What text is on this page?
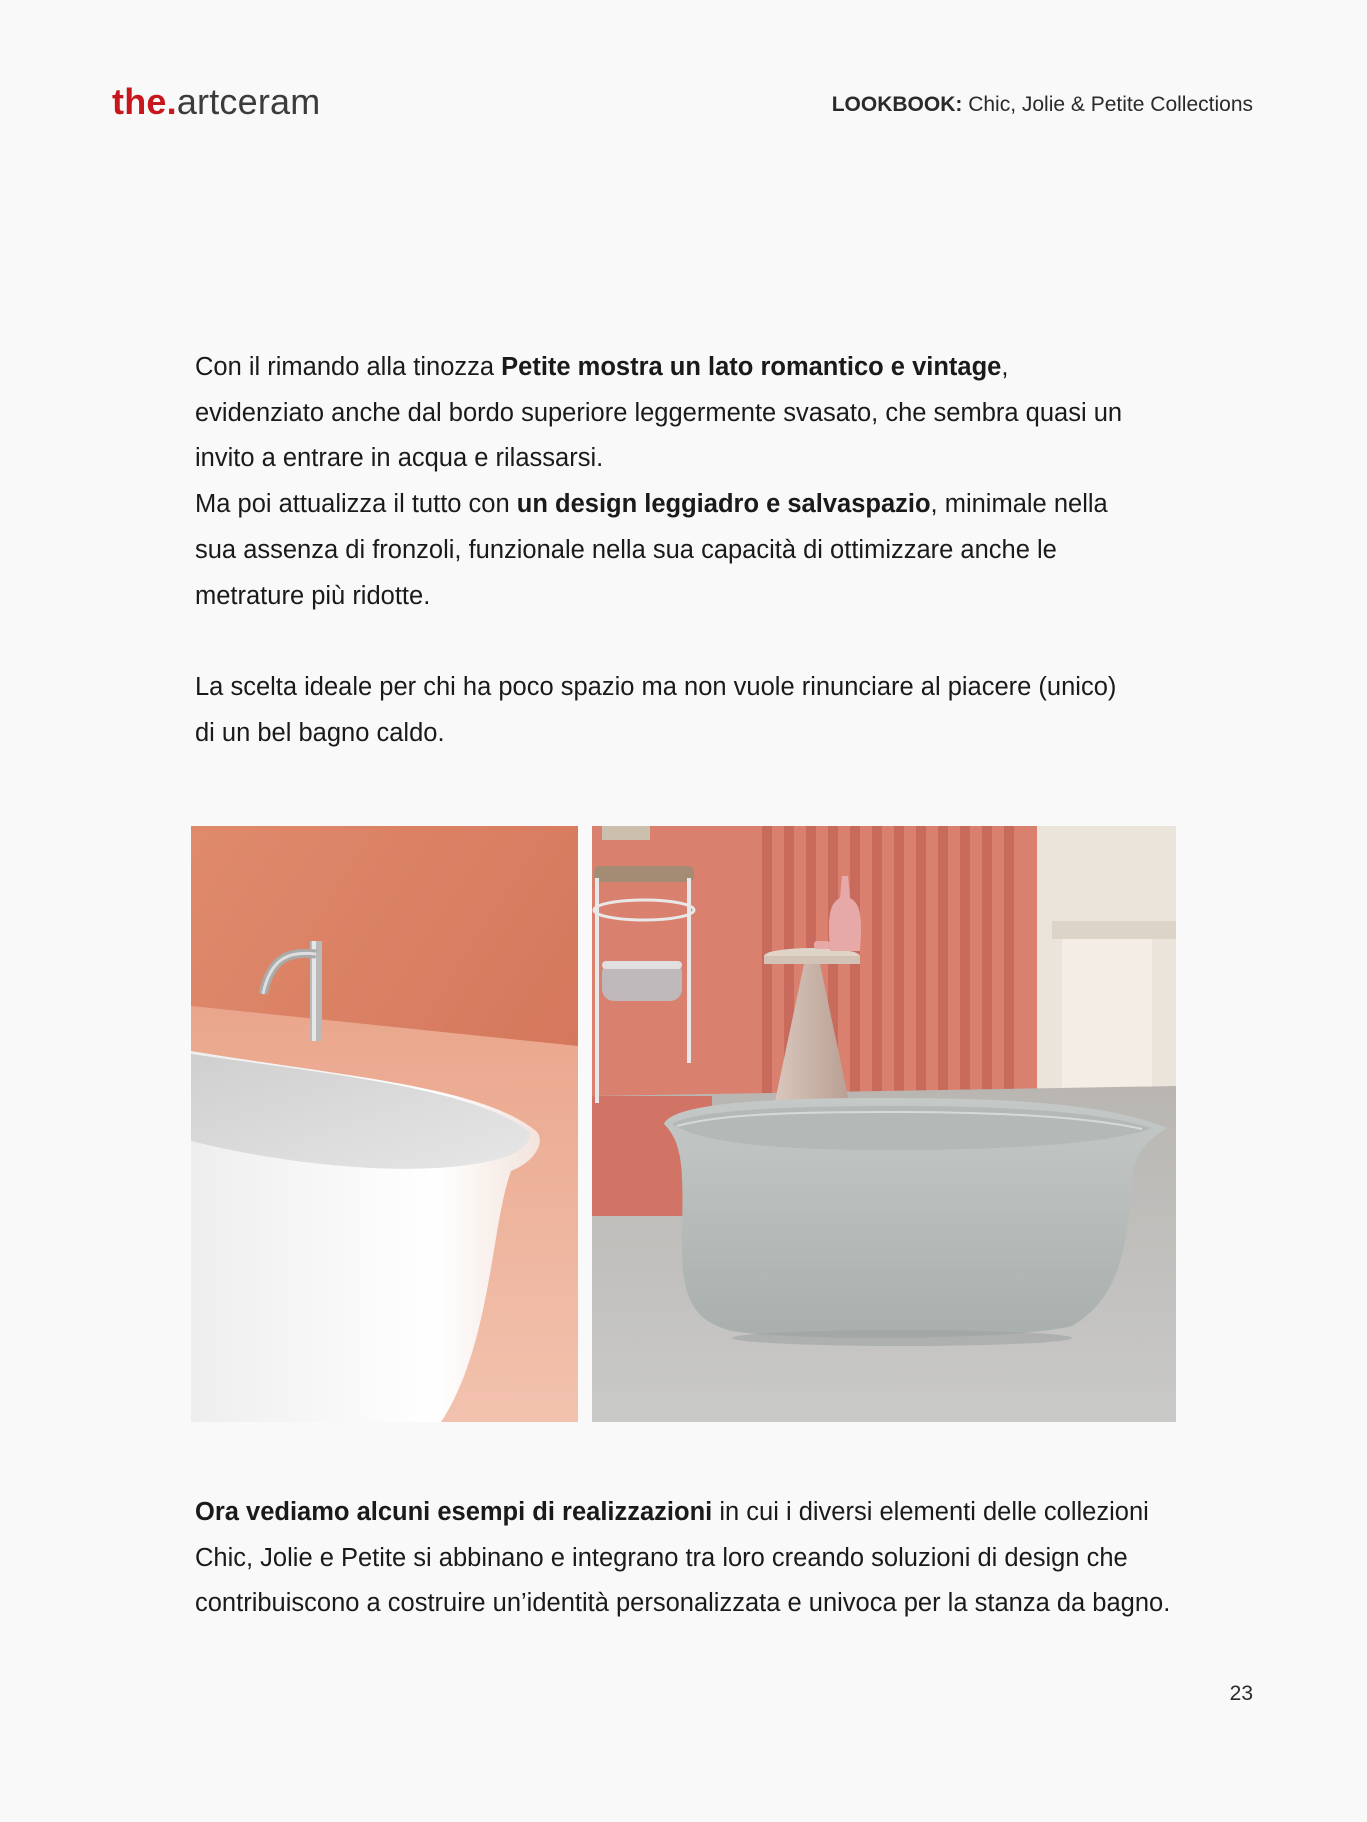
the.artceram	LOOKBOOK: Chic, Jolie & Petite Collections

Con il rimando alla tinozza Petite mostra un lato romantico e vintage, evidenziato anche dal bordo superiore leggermente svasato, che sembra quasi un invito a entrare in acqua e rilassarsi.
Ma poi attualizza il tutto con un design leggiadro e salvaspazio, minimale nella sua assenza di fronzoli, funzionale nella sua capacità di ottimizzare anche le metrature più ridotte.

La scelta ideale per chi ha poco spazio ma non vuole rinunciare al piacere (unico) di un bel bagno caldo.

Ora vediamo alcuni esempi di realizzazioni in cui i diversi elementi delle collezioni Chic, Jolie e Petite si abbinano e integrano tra loro creando soluzioni di design che contribuiscono a costruire un’identità personalizzata e univoca per la stanza da bagno.

23
